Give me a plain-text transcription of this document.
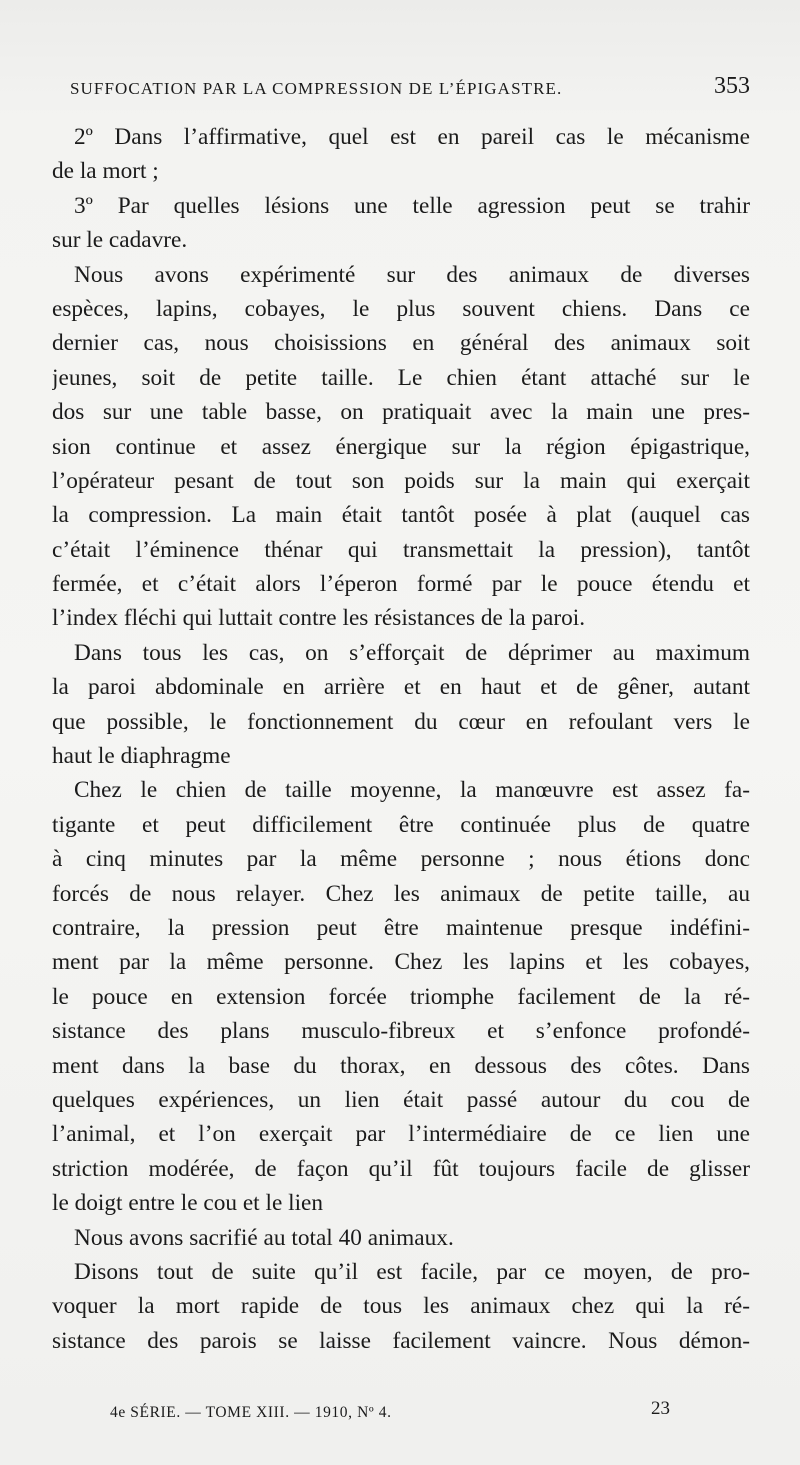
SUFFOCATION PAR LA COMPRESSION DE L’ÉPIGASTRE.	353
2º Dans l’affirmative, quel est en pareil cas le mécanisme
de la mort ;
3º Par quelles lésions une telle agression peut se trahir
sur le cadavre.
Nous avons expérimenté sur des animaux de diverses
espèces, lapins, cobayes, le plus souvent chiens. Dans ce
dernier cas, nous choisissions en général des animaux soit
jeunes, soit de petite taille. Le chien étant attaché sur le
dos sur une table basse, on pratiquait avec la main une pres-
sion continue et assez énergique sur la région épigastrique,
l’opérateur pesant de tout son poids sur la main qui exerçait
la compression. La main était tantôt posée à plat (auquel cas
c’était l’éminence thénar qui transmettait la pression), tantôt
fermée, et c’était alors l’éperon formé par le pouce étendu et
l’index fléchi qui luttait contre les résistances de la paroi.
Dans tous les cas, on s’efforçait de déprimer au maximum
la paroi abdominale en arrière et en haut et de gêner, autant
que possible, le fonctionnement du cœur en refoulant vers le
haut le diaphragme
Chez le chien de taille moyenne, la manœuvre est assez fa-
tigante et peut difficilement être continuée plus de quatre
à cinq minutes par la même personne ; nous étions donc
forcés de nous relayer. Chez les animaux de petite taille, au
contraire, la pression peut être maintenue presque indéfini-
ment par la même personne. Chez les lapins et les cobayes,
le pouce en extension forcée triomphe facilement de la ré-
sistance des plans musculo-fibreux et s’enfonce profondé-
ment dans la base du thorax, en dessous des côtes. Dans
quelques expériences, un lien était passé autour du cou de
l’animal, et l’on exerçait par l’intermédiaire de ce lien une
striction modérée, de façon qu’il fût toujours facile de glisser
le doigt entre le cou et le lien
Nous avons sacrifié au total 40 animaux.
Disons tout de suite qu’il est facile, par ce moyen, de pro-
voquer la mort rapide de tous les animaux chez qui la ré-
sistance des parois se laisse facilement vaincre. Nous démon-
4e SÉRIE. — TOME XIII. — 1910, Nº 4.	23
